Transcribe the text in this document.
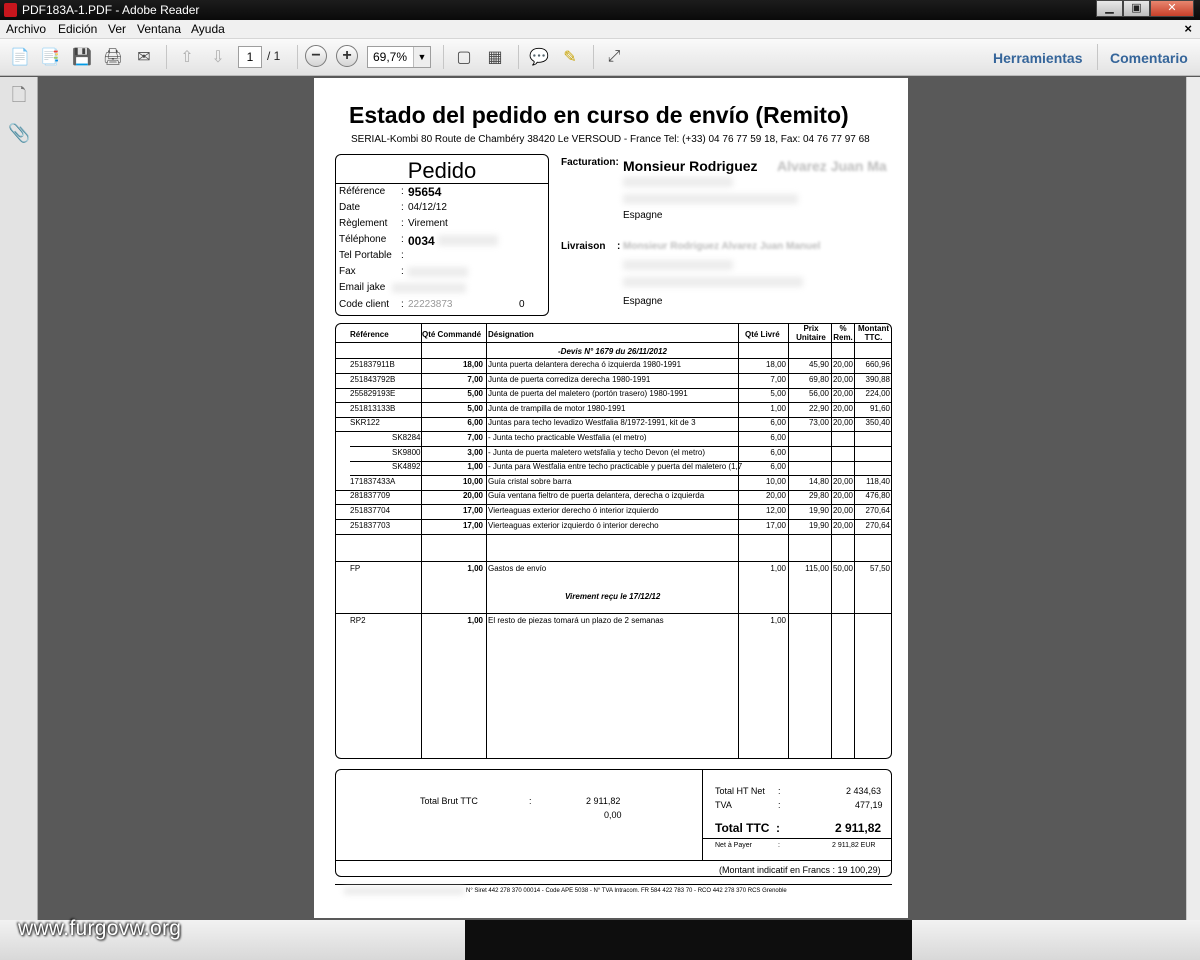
PDF183A-1.PDF - Adobe Reader	▁	▣	✕
Archivo Edición Ver Ventana Ayuda	×
📄 📑 💾 🖨 ✉	⇧	⇩	▢ ▦ 💬 ✎	⤢
1	/ 1	−	+	69,7%	▼	Herramientas Comentario
🗋
📎
Estado del pedido en curso de envío (Remito)
SERIAL-Kombi 80 Route de Chambéry 38420 Le VERSOUD - France Tel: (+33) 04 76 77 59 18, Fax: 04 76 77 97 68
Pedido
Référence : 95654
Date	: 04/12/12
Règlement : Virement
Téléphone : 0034
Tel Portable :
Fax	:
Email jake
Code client : 22223873	0
Facturation: Monsieur Rodriguez Alvarez Juan Ma
Espagne
Livraison : Monsieur Rodriguez Alvarez Juan Manuel
Espagne
Référence	Qté Commandé Désignation	Qté Livré
Prix
Unitaire
%
Rem.
Montant
TTC.
-Devis N° 1679 du 26/11/2012
251837911B	18,00 Junta puerta delantera derecha ó izquierda 1980-1991	18,00	45,90 20,00	660,96
251843792B	7,00 Junta de puerta corrediza derecha 1980-1991	7,00	69,80 20,00	390,88
255829193E	5,00 Junta de puerta del maletero (portón trasero) 1980-1991	5,00	56,00 20,00	224,00
251813133B	5,00 Junta de trampilla de motor 1980-1991	1,00	22,90 20,00	91,60
SKR122	6,00 Juntas para techo levadizo Westfalia 8/1972-1991, kit de 3	6,00	73,00 20,00	350,40
SK8284	7,00 - Junta techo practicable Westfalia (el metro)	6,00
SK9800	3,00 - Junta de puerta maletero wetsfalia y techo Devon (el metro)	6,00
SK4892	1,00 - Junta para Westfalia entre techo practicable y puerta del maletero (1,7	6,00
171837433A	10,00 Guía cristal sobre barra	10,00	14,80 20,00	118,40
281837709	20,00 Guía ventana fieltro de puerta delantera, derecha o izquierda	20,00	29,80 20,00	476,80
251837704	17,00 Vierteaguas exterior derecho ó interior izquierdo	12,00	19,90 20,00	270,64
251837703	17,00 Vierteaguas exterior izquierdo ó interior derecho	17,00	19,90 20,00	270,64
FP	1,00 Gastos de envío	1,00	115,00 50,00	57,50
Virement reçu le 17/12/12
RP2	1,00 El resto de piezas tomará un plazo de 2 semanas	1,00
Total Brut TTC	:	2 911,82
0,00
Total HT Net :	2 434,63
TVA	:	477,19
Total TTC :	2 911,82
Net à Payer	:	2 911,82 EUR
(Montant indicatif en Francs : 19 100,29)
N° Siret 442 278 370 00014 - Code APE 5038 - N° TVA Intracom. FR 584 422 783 70 - RCO 442 278 370 RCS Grenoble
www.furgovw.org
